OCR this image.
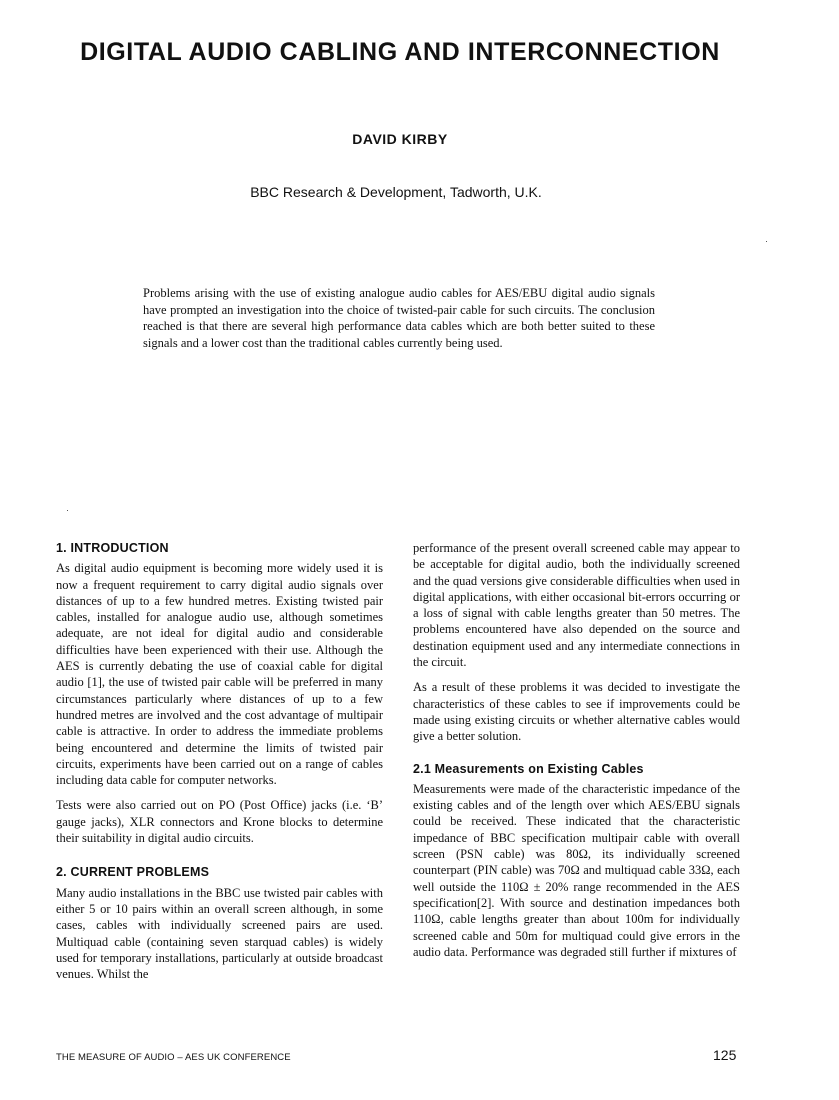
DIGITAL AUDIO CABLING AND INTERCONNECTION
DAVID KIRBY
BBC Research & Development, Tadworth, U.K.
Problems arising with the use of existing analogue audio cables for AES/EBU digital audio signals have prompted an investigation into the choice of twisted-pair cable for such circuits. The conclusion reached is that there are several high performance data cables which are both better suited to these signals and a lower cost than the traditional cables currently being used.
1. INTRODUCTION

As digital audio equipment is becoming more widely used it is now a frequent requirement to carry digital audio signals over distances of up to a few hundred metres. Existing twisted pair cables, installed for analogue audio use, although sometimes adequate, are not ideal for digital audio and considerable difficulties have been experienced with their use. Although the AES is currently debating the use of coaxial cable for digital audio [1], the use of twisted pair cable will be preferred in many circumstances particularly where distances of up to a few hundred metres are involved and the cost advantage of multipair cable is attractive. In order to address the immediate problems being encountered and determine the limits of twisted pair circuits, experiments have been carried out on a range of cables including data cable for computer networks.

Tests were also carried out on PO (Post Office) jacks (i.e. ‘B’ gauge jacks), XLR connectors and Krone blocks to determine their suitability in digital audio circuits.

2. CURRENT PROBLEMS

Many audio installations in the BBC use twisted pair cables with either 5 or 10 pairs within an overall screen although, in some cases, cables with individually screened pairs are used. Multiquad cable (containing seven starquad cables) is widely used for temporary installations, particularly at outside broadcast venues. Whilst the

performance of the present overall screened cable may appear to be acceptable for digital audio, both the individually screened and the quad versions give considerable difficulties when used in digital applications, with either occasional bit-errors occurring or a loss of signal with cable lengths greater than 50 metres. The problems encountered have also depended on the source and destination equipment used and any intermediate connections in the circuit.

As a result of these problems it was decided to investigate the characteristics of these cables to see if improvements could be made using existing circuits or whether alternative cables would give a better solution.

2.1 Measurements on Existing Cables

Measurements were made of the characteristic impedance of the existing cables and of the length over which AES/EBU signals could be received. These indicated that the characteristic impedance of BBC specification multipair cable with overall screen (PSN cable) was 80Ω, its individually screened counterpart (PIN cable) was 70Ω and multiquad cable 33Ω, each well outside the 110Ω ± 20% range recommended in the AES specification[2]. With source and destination impedances both 110Ω, cable lengths greater than about 100m for individually screened cable and 50m for multiquad could give errors in the audio data. Performance was degraded still further if mixtures of

THE MEASURE OF AUDIO – AES UK CONFERENCE	125
